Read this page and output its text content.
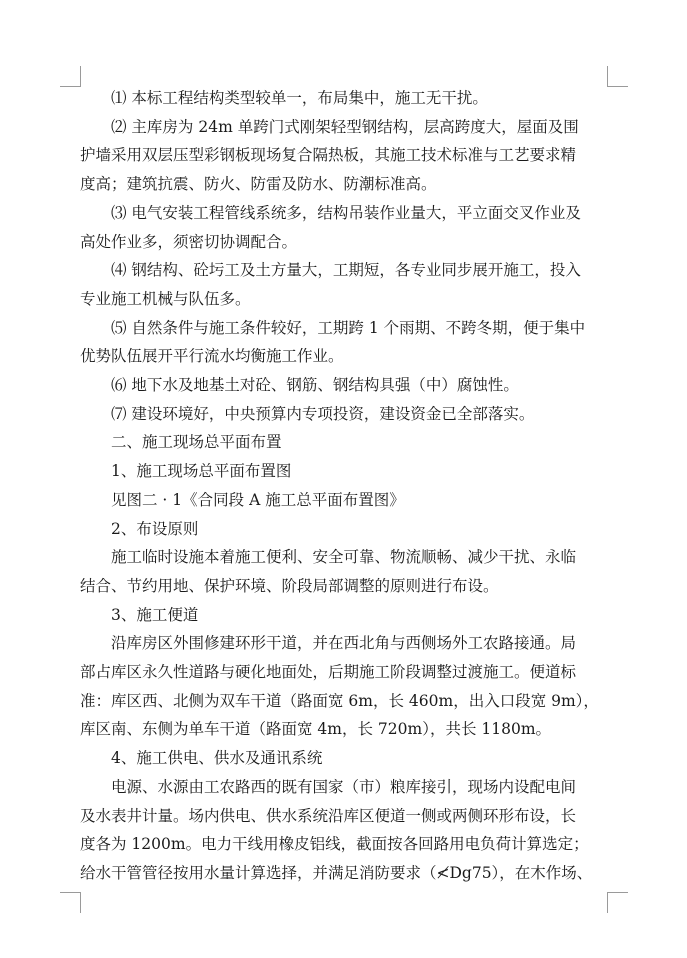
⑴ 本标工程结构类型较单一，布局集中，施工无干扰。

⑵ 主库房为 24m 单跨门式刚架轻型钢结构，层高跨度大，屋面及围
护墙采用双层压型彩钢板现场复合隔热板，其施工技术标准与工艺要求精
度高；建筑抗震、防火、防雷及防水、防潮标准高。

⑶ 电气安装工程管线系统多，结构吊装作业量大，平立面交叉作业及
高处作业多，须密切协调配合。

⑷ 钢结构、砼圬工及土方量大，工期短，各专业同步展开施工，投入
专业施工机械与队伍多。

⑸ 自然条件与施工条件较好，工期跨 1 个雨期、不跨冬期，便于集中
优势队伍展开平行流水均衡施工作业。

⑹ 地下水及地基土对砼、钢筋、钢结构具强（中）腐蚀性。

⑺ 建设环境好，中央预算内专项投资，建设资金已全部落实。

二、施工现场总平面布置

1、施工现场总平面布置图

见图二 · 1《合同段 A 施工总平面布置图》

2、布设原则

施工临时设施本着施工便利、安全可靠、物流顺畅、减少干扰、永临
结合、节约用地、保护环境、阶段局部调整的原则进行布设。

3、施工便道

沿库房区外围修建环形干道，并在西北角与西侧场外工农路接通。局
部占库区永久性道路与硬化地面处，后期施工阶段调整过渡施工。便道标
准：库区西、北侧为双车干道（路面宽 6m，长 460m，出入口段宽 9m），
库区南、东侧为单车干道（路面宽 4m，长 720m），共长 1180m。

4、施工供电、供水及通讯系统

电源、水源由工农路西的既有国家（市）粮库接引，现场内设配电间
及水表井计量。场内供电、供水系统沿库区便道一侧或两侧环形布设，长
度各为 1200m。电力干线用橡皮铝线，截面按各回路用电负荷计算选定；
给水干管管径按用水量计算选择，并满足消防要求（≮Dg75），在木作场、
